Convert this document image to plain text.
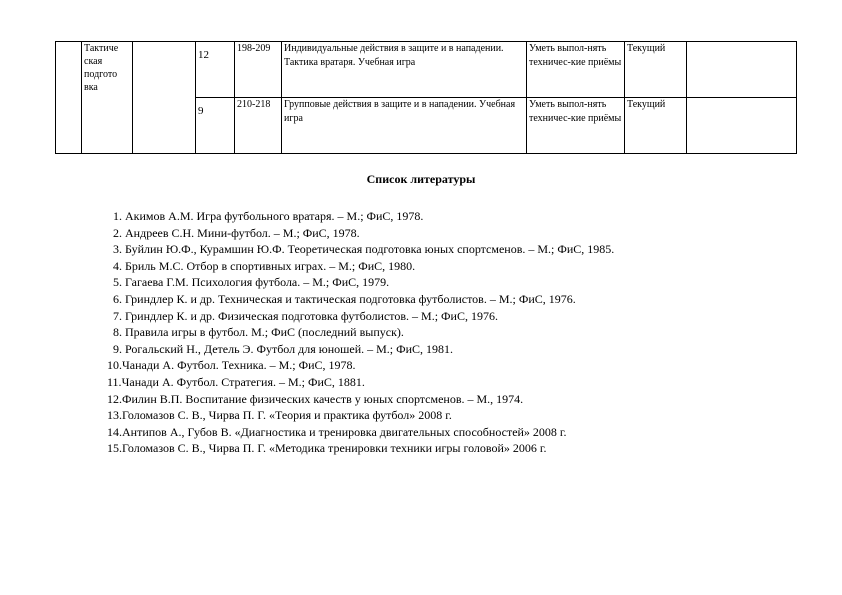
	Тактиче ская подгото вка		12	198-209	Индивидуальные действия в защите и в нападении. Тактика вратаря. Учебная игра	Уметь выпол-нять техничес-кие приёмы	Текущий	

			9	210-218	Групповые действия в защите и в нападении. Учебная игра	Уметь выпол-нять техничес-кие приёмы	Текущий	
Список литературы
1. Акимов А.М. Игра футбольного вратаря. – М.; ФиС, 1978.
2. Андреев С.Н. Мини-футбол. – М.; ФиС, 1978.
3. Буйлин Ю.Ф., Курамшин Ю.Ф. Теоретическая подготовка юных спортсменов. – М.; ФиС, 1985.
4. Бриль М.С. Отбор в спортивных играх. – М.; ФиС, 1980.
5. Гагаева Г.М. Психология футбола. – М.; ФиС, 1979.
6. Гриндлер К. и др. Техническая и тактическая подготовка футболистов. – М.; ФиС, 1976.
7. Гриндлер К. и др. Физическая подготовка футболистов. – М.; ФиС, 1976.
8. Правила игры в футбол. М.; ФиС (последний выпуск).
9. Рогальский Н., Детель Э. Футбол для юношей. – М.; ФиС, 1981.
10.Чанади А. Футбол. Техника. – М.; ФиС, 1978.
11.Чанади А. Футбол. Стратегия. – М.; ФиС, 1881.
12.Филин В.П. Воспитание физических качеств у юных спортсменов. – М., 1974.
13.Голомазов С. В., Чирва П. Г. «Теория и практика футбол» 2008 г.
14.Антипов А., Губов В. «Диагностика и тренировка двигательных способностей» 2008 г.
15.Голомазов С. В., Чирва П. Г. «Методика тренировки техники игры головой» 2006 г.
